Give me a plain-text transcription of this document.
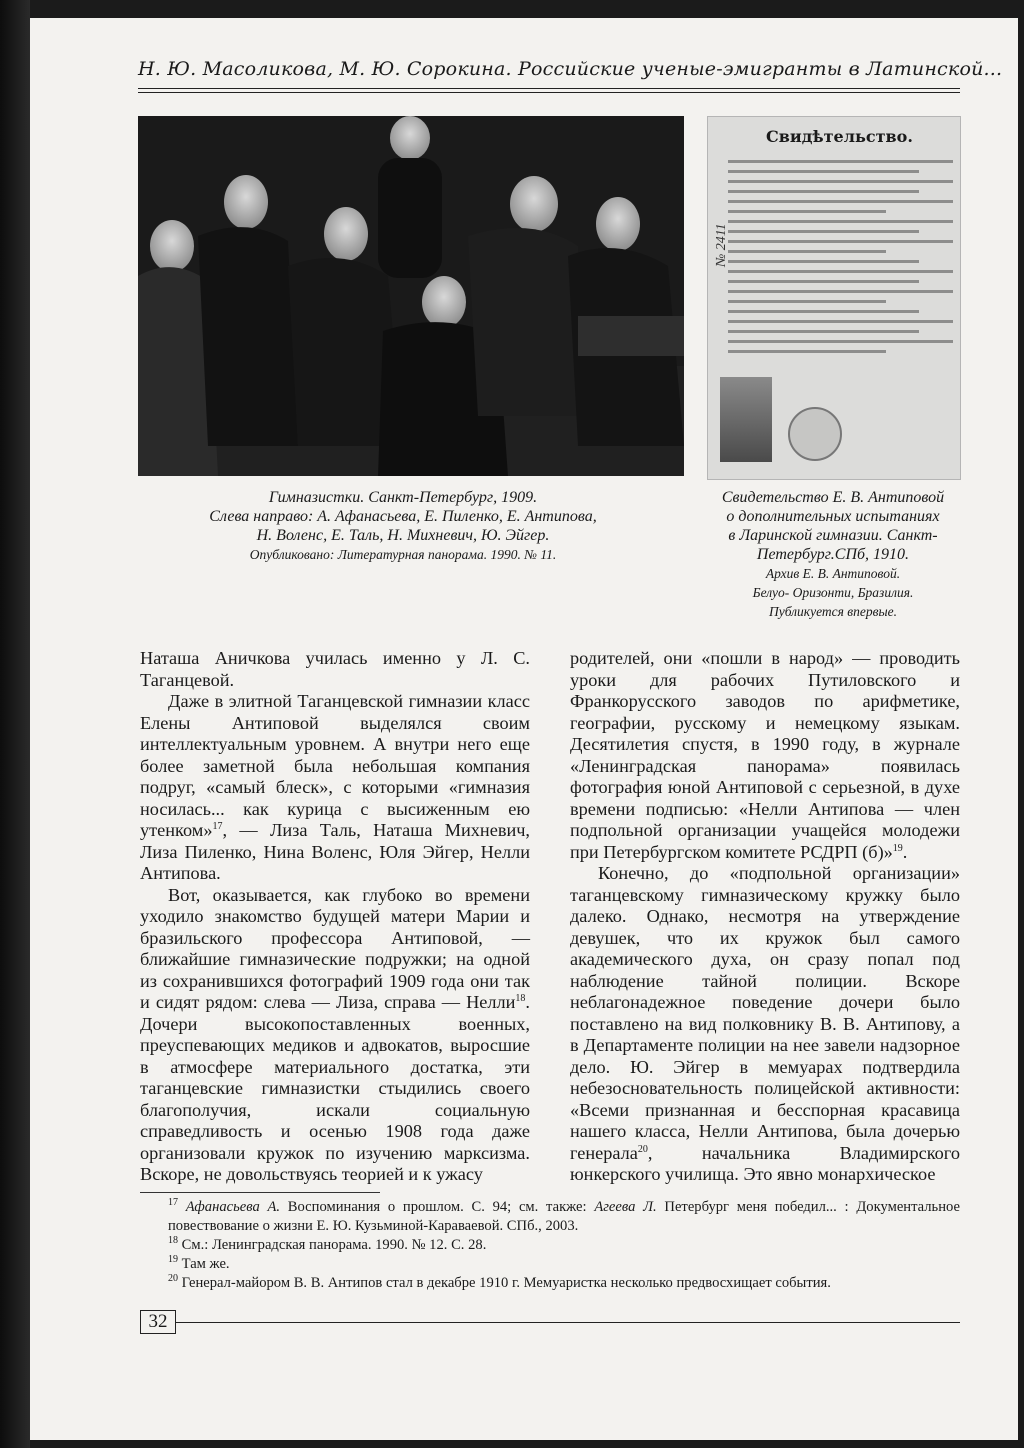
Н. Ю. Масоликова, М. Ю. Сорокина. Российские ученые-эмигранты в Латинской...
Свидѣтельство.
№ 2411
Гимназистки. Санкт-Петербург, 1909.
Слева направо: А. Афанасьева, Е. Пиленко, Е. Антипова,
Н. Воленс, Е. Таль, Н. Михневич, Ю. Эйгер.
Опубликовано: Литературная панорама. 1990. № 11.
Свидетельство Е. В. Антиповой
о дополнительных испытаниях
в Ларинской гимназии. Санкт-
Петербург.СПб, 1910.
Архив Е. В. Антиповой.
Белуо- Оризонти, Бразилия.
Публикуется впервые.

Наташа Аничкова училась именно у Л. С. Таганцевой.

Даже в элитной Таганцевской гимназии класс Елены Антиповой выделялся своим интеллектуальным уровнем. А внутри него еще более заметной была небольшая компания подруг, «самый блеск», с которыми «гимназия носилась... как курица с высиженным ею утенком»$^{17}$, — Лиза Таль, Наташа Михневич, Лиза Пиленко, Нина Воленс, Юля Эйгер, Нелли Антипова.

Вот, оказывается, как глубоко во времени уходило знакомство будущей матери Марии и бразильского профессора Антиповой, — ближайшие гимназические подружки; на одной из сохранившихся фотографий 1909 года они так и сидят рядом: слева — Лиза, справа — Нелли$^{18}$. Дочери высокопоставленных военных, преуспевающих медиков и адвокатов, выросшие в атмосфере материального достатка, эти таганцевские гимназистки стыдились своего благополучия, искали социальную справедливость и осенью 1908 года даже организовали кружок по изучению марксизма. Вскоре, не довольствуясь теорией и к ужасу

родителей, они «пошли в народ» — проводить уроки для рабочих Путиловского и Франкорусского заводов по арифметике, географии, русскому и немецкому языкам. Десятилетия спустя, в 1990 году, в журнале «Ленинградская панорама» появилась фотография юной Антиповой с серьезной, в духе времени подписью: «Нелли Антипова — член подпольной организации учащейся молодежи при Петербургском комитете РСДРП (б)»$^{19}$.

Конечно, до «подпольной организации» таганцевскому гимназическому кружку было далеко. Однако, несмотря на утверждение девушек, что их кружок был самого академического духа, он сразу попал под наблюдение тайной полиции. Вскоре неблагонадежное поведение дочери было поставлено на вид полковнику В. В. Антипову, а в Департаменте полиции на нее завели надзорное дело. Ю. Эйгер в мемуарах подтвердила небезосновательность полицейской активности: «Всеми признанная и бесспорная красавица нашего класса, Нелли Антипова, была дочерью генерала$^{20}$, начальника Владимирского юнкерского училища. Это явно монархическое

$^{17}$ Афанасьева А. Воспоминания о прошлом. С. 94; см. также: Агеева Л. Петербург меня победил... : Документальное повествование о жизни Е. Ю. Кузьминой-Караваевой. СПб., 2003.
$^{18}$ См.: Ленинградская панорама. 1990. № 12. С. 28.
$^{19}$ Там же.
$^{20}$ Генерал-майором В. В. Антипов стал в декабре 1910 г. Мемуаристка несколько предвосхищает события.
32
